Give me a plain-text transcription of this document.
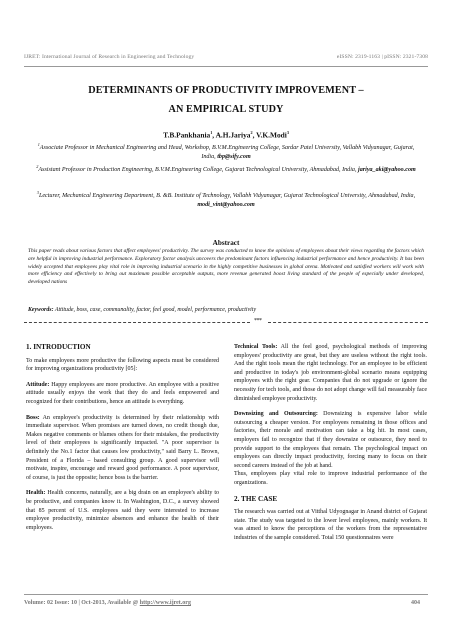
IJRET: International Journal of Research in Engineering and Technology	eISSN: 2319-1163 | pISSN: 2321-7308
DETERMINANTS OF PRODUCTIVITY IMPROVEMENT –
AN EMPIRICAL STUDY
T.B.Pankhania$^1$, A.H.Jariya$^2$, V.K.Modi$^3$
$^1$Associate Professor in Mechanical Engineering and Head, Workshop, B.V.M.Engineering College, Sardar Patel University, Vallabh Vidyanagar, Gujarat, India, tbp@sify.com
$^2$Assistant Professor in Production Engineering, B.V.M.Engineering College, Gujarat Technological University, Ahmadabad, India, jariya_aki@yahoo.com
$^3$Lecturer, Mechanical Engineering Department, B. &B. Institute of Technology, Vallabh Vidyanagar, Gujarat Technological University, Ahmadabad, India, modi_vint@yahoo.com
Abstract
This paper reads about various factors that affect employees' productivity. The survey was conducted to know the opinions of employees about their views regarding the factors which are helpful in improving industrial performance. Exploratory factor analysis uncovers the predominant factors influencing industrial performance and hence productivity. It has been widely accepted that employees play vital role in improving industrial scenario in the highly competitive businesses in global arena. Motivated and satisfied workers will work with more efficiency and effectively to bring out maximum possible acceptable outputs, more revenue generated boost living standard of the people of especially under developed, developed nations
Keywords: Attitude, boss, case, communality, factor, feel good, model, performance, productivity
***
1. INTRODUCTION

To make employees more productive the following aspects must be considered for improving organizations productivity [05]:

Attitude: Happy employees are more productive. An employee with a positive attitude usually enjoys the work that they do and feels empowered and recognized for their contributions, hence an attitude is everything.

Boss: An employee's productivity is determined by their relationship with immediate supervisor. When promises are turned down, no credit though due, Makes negative comments or blames others for their mistakes, the productivity level of their employees is significantly impacted. "A poor supervisor is definitely the No.1 factor that causes low productivity," said Barry L. Brown, President of a Florida – based consulting group. A good supervisor will motivate, inspire, encourage and reward good performance. A poor supervisor, of course, is just the opposite; hence boss is the barrier.

Health: Health concerns, naturally, are a big drain on an employee's ability to be productive, and companies know it. In Washington, D.C., a survey showed that 85 percent of U.S. employees said they were interested to increase employee productivity, minimize absences and enhance the health of their employees.

Technical Tools: All the feel good, psychological methods of improving employees' productivity are great, but they are useless without the right tools. And the right tools mean the right technology. For an employee to be efficient and productive in today's job environment-global scenario means equipping employees with the right gear. Companies that do not upgrade or ignore the necessity for tech tools, and those do not adopt change will fail measurably face diminished employee productivity.

Downsizing and Outsourcing: Downsizing is expensive labor while outsourcing a cheaper version. For employees remaining in those offices and factories, their morale and motivation can take a big hit. In most cases, employers fail to recognize that if they downsize or outsource, they need to provide support to the employees that remain. The psychological impact on employees can directly impact productivity, forcing many to focus on their second careers instead of the job at hand.

Thus, employees play vital role to improve industrial performance of the organizations.

2. THE CASE

The research was carried out at Vitthal Udyognagar in Anand district of Gujarat state. The study was targeted to the lower level employees, mainly workers. It was aimed to know the perceptions of the workers from the representative industries of the sample considered. Total 150 questionnaires were

Volume: 02 Issue: 10 | Oct-2013, Available @ http://www.ijret.org	404
